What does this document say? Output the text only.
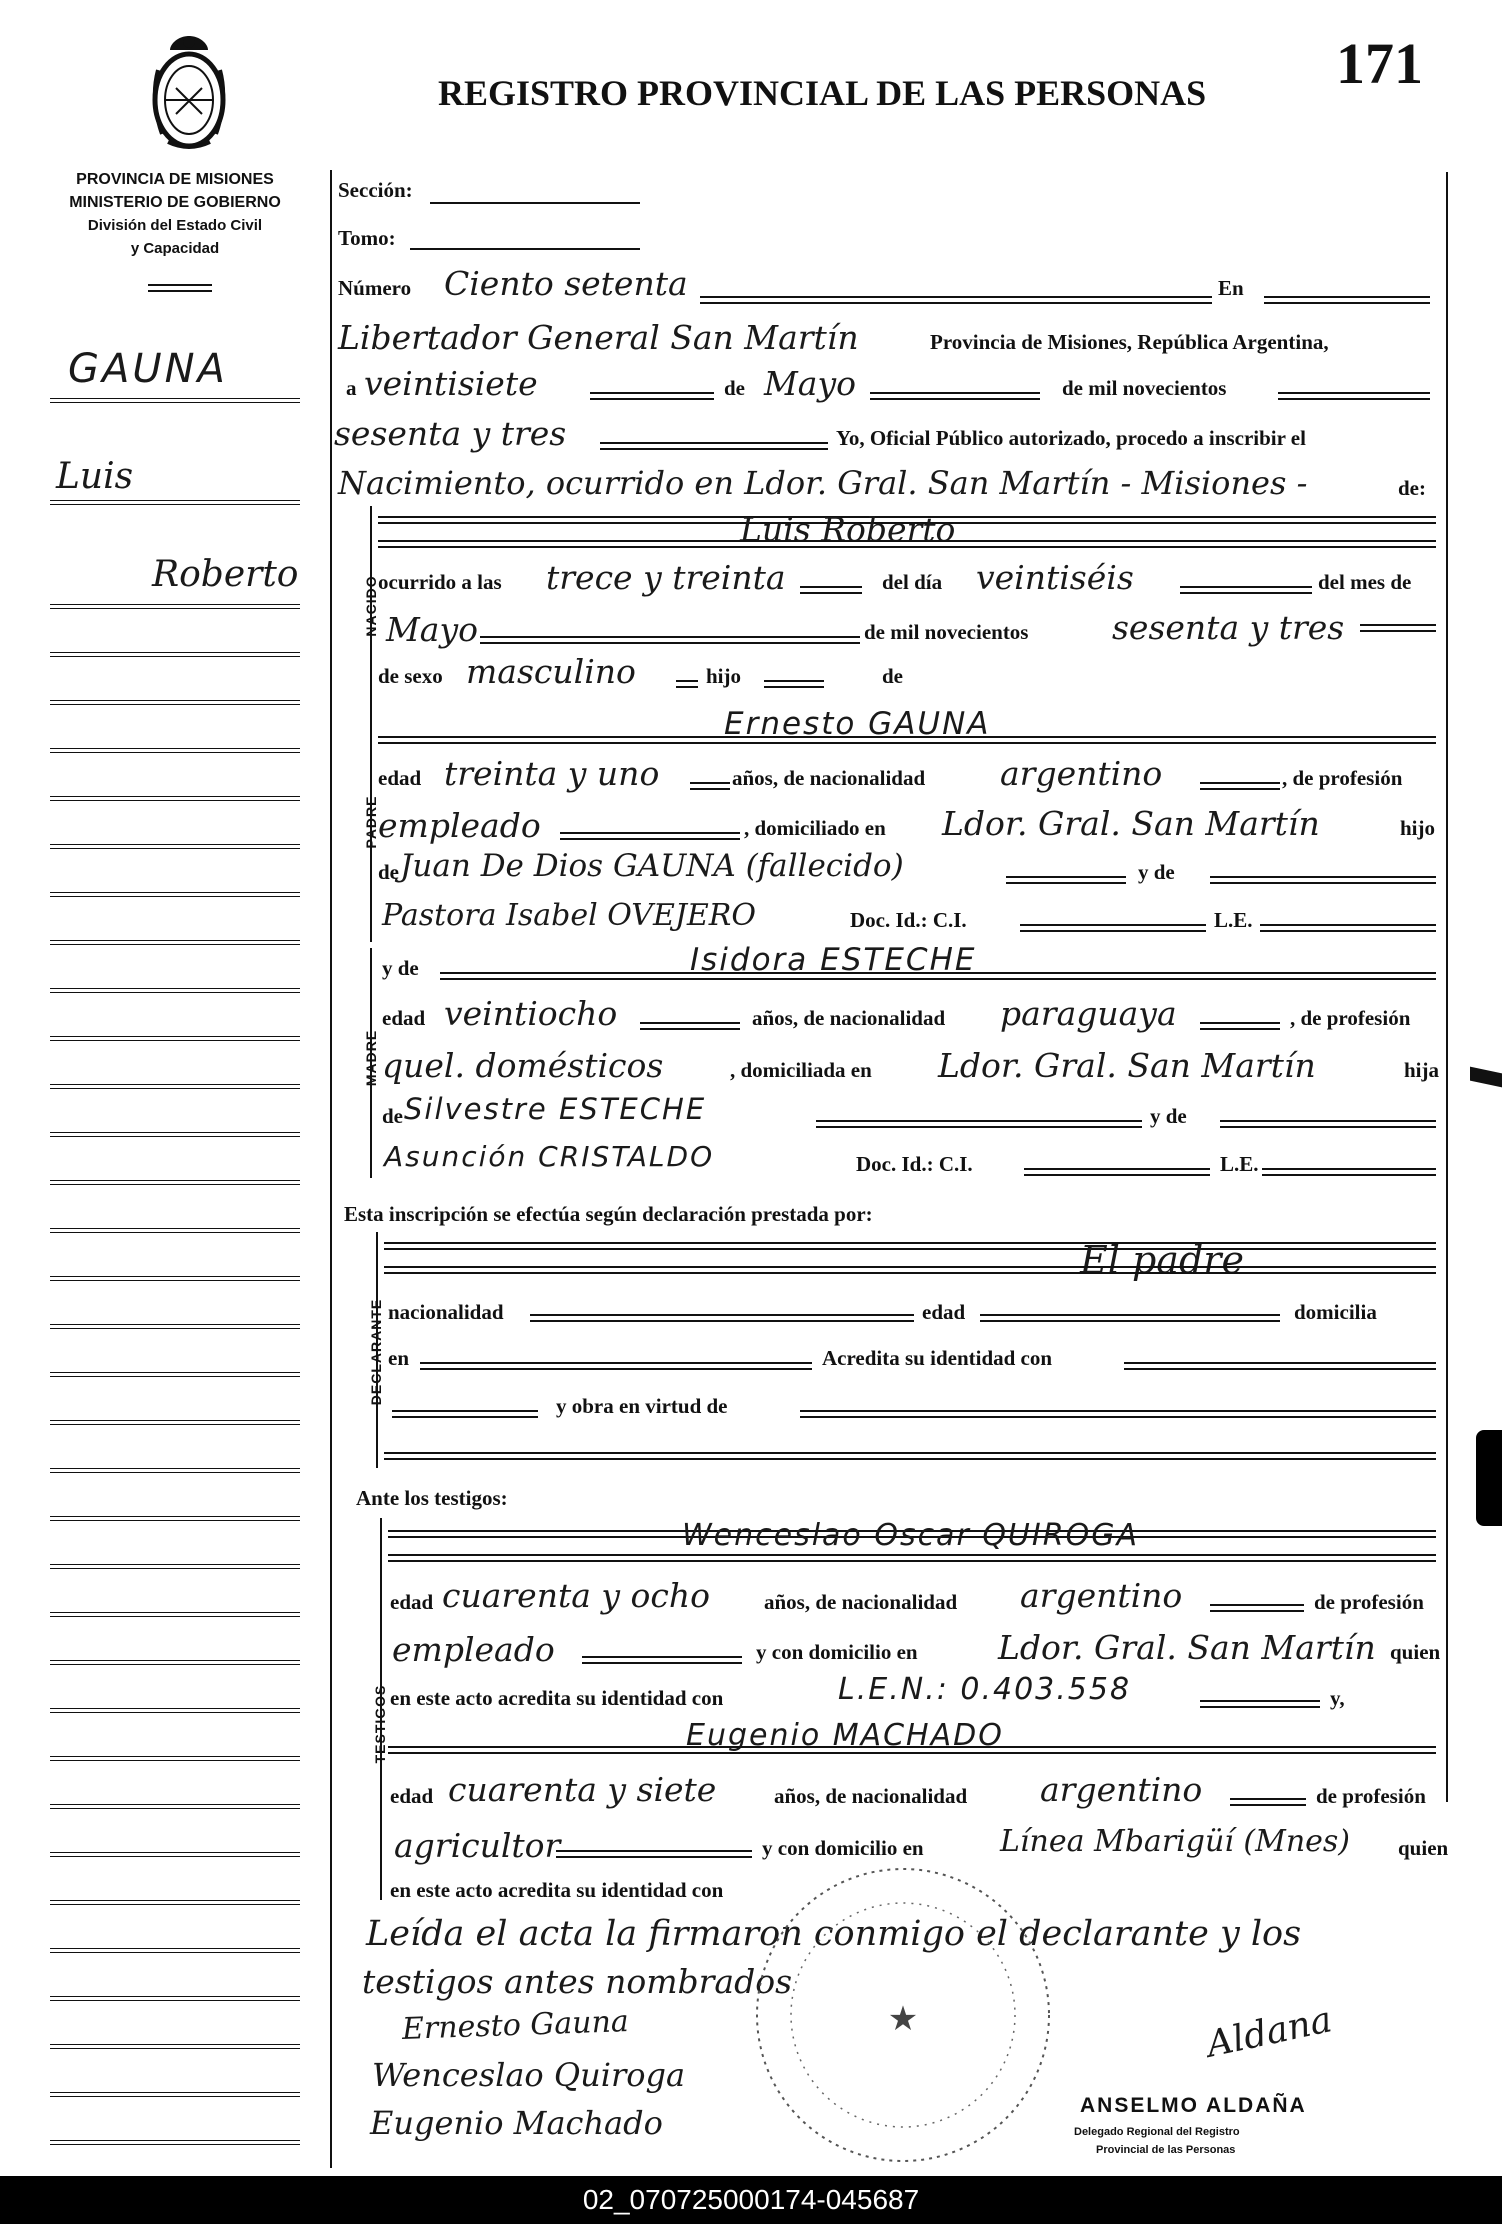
PROVINCIA DE MISIONES
MINISTERIO DE GOBIERNO
División del Estado Civil
y Capacidad
REGISTRO PROVINCIAL DE LAS PERSONAS 171
GAUNA
Luis
Roberto
Sección:
Tomo:
Número Ciento setenta	En
Libertador General San Martín	Provincia de Misiones, República Argentina,
a veintisiete	de Mayo	de mil novecientos
sesenta y tres	Yo, Oficial Público autorizado, procedo a inscribir el
Nacimiento, ocurrido en Ldor. Gral. San Martín - Misiones -	de:
NACIDO
Luis Roberto
ocurrido a las trece y treinta	del día veintiséis	del mes de
Mayo	de mil novecientos	sesenta y tres
de sexo masculino	hijo	de
PADRE
Ernesto GAUNA
edad treinta y uno	años, de nacionalidad argentino	, de profesión
empleado	, domiciliado en Ldor. Gral. San Martín	hijo
de Juan De Dios GAUNA (fallecido)	y de
Pastora Isabel OVEJERO	Doc. Id.: C.I.	L.E.
MADRE
y de	Isidora ESTECHE
edad veintiocho	años, de nacionalidad paraguaya	, de profesión
quel. domésticos	, domiciliada en Ldor. Gral. San Martín	hija
de Silvestre ESTECHE	y de
Asunción CRISTALDO	Doc. Id.: C.I.	L.E.
Esta inscripción se efectúa según declaración prestada por:
DECLARANTE
El padre
nacionalidad	edad	domicilia
en	Acredita su identidad con
y obra en virtud de
Ante los testigos:
TESTIGOS
Wenceslao Oscar QUIROGA
edad cuarenta y ocho	años, de nacionalidad argentino	de profesión
empleado	y con domicilio en Ldor. Gral. San Martín quien
en este acto acredita su identidad con	L.E.N.: 0.403.558	y,
Eugenio MACHADO
edad cuarenta y siete	años, de nacionalidad argentino	de profesión
agricultor	y con domicilio en	Línea Mbarigüí (Mnes) quien
en este acto acredita su identidad con
Leída el acta la firmaron conmigo el declarante y los
testigos antes nombrados
Ernesto Gauna
Wenceslao Quiroga
Eugenio Machado
★	Aldana
ANSELMO ALDAÑA
Delegado Regional del Registro
Provincial de las Personas
02_070725000174-045687
